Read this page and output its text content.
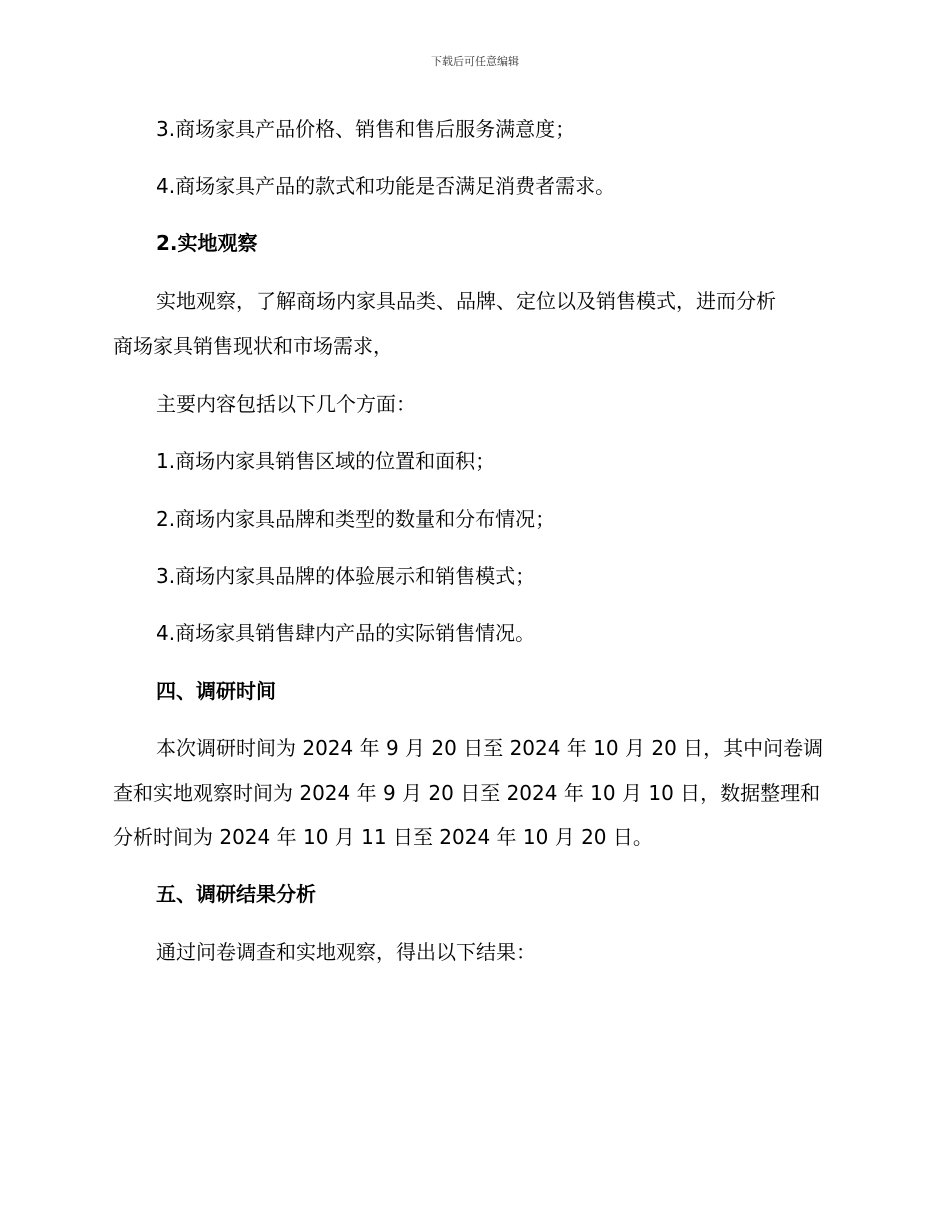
下载后可任意编辑
3.商场家具产品价格、销售和售后服务满意度；
4.商场家具产品的款式和功能是否满足消费者需求。
2.实地观察
实地观察，了解商场内家具品类、品牌、定位以及销售模式，进而分析
商场家具销售现状和市场需求，
主要内容包括以下几个方面：
1.商场内家具销售区域的位置和面积；
2.商场内家具品牌和类型的数量和分布情况；
3.商场内家具品牌的体验展示和销售模式；
4.商场家具销售肆内产品的实际销售情况。
四、调研时间
本次调研时间为 2024 年 9 月 20 日至 2024 年 10 月 20 日，其中问卷调
查和实地观察时间为 2024 年 9 月 20 日至 2024 年 10 月 10 日，数据整理和
分析时间为 2024 年 10 月 11 日至 2024 年 10 月 20 日。
五、调研结果分析
通过问卷调查和实地观察，得出以下结果：
